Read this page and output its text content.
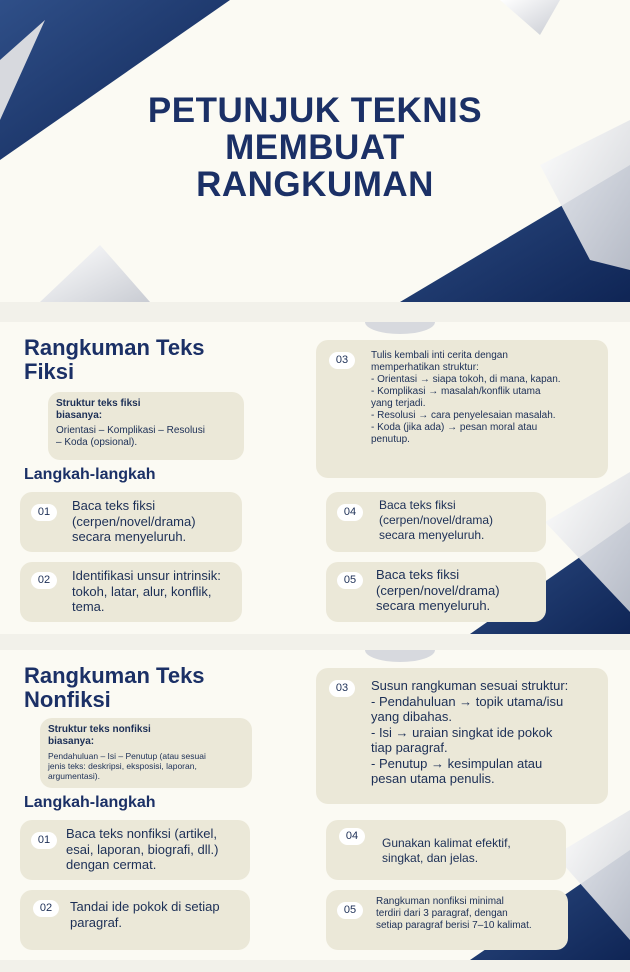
PETUNJUK TEKNIS
MEMBUAT
RANGKUMAN
Rangkuman Teks
Fiksi
Struktur teks fiksi
biasanya:
Orientasi – Komplikasi – Resolusi
– Koda (opsional).
Langkah-langkah
01	Baca teks fiksi
(cerpen/novel/drama)
secara menyeluruh.
02	Identifikasi unsur intrinsik:
tokoh, latar, alur, konflik,
tema.
03	Tulis kembali inti cerita dengan
memperhatikan struktur:
- Orientasi → siapa tokoh, di mana, kapan.
- Komplikasi → masalah/konflik utama
yang terjadi.
- Resolusi → cara penyelesaian masalah.
- Koda (jika ada) → pesan moral atau
penutup.
04	Baca teks fiksi
(cerpen/novel/drama)
secara menyeluruh.
05	Baca teks fiksi
(cerpen/novel/drama)
secara menyeluruh.
Rangkuman Teks
Nonfiksi
Struktur teks nonfiksi
biasanya:
Pendahuluan – Isi – Penutup (atau sesuai
jenis teks: deskripsi, eksposisi, laporan,
argumentasi).
Langkah-langkah
01	Baca teks nonfiksi (artikel,
esai, laporan, biografi, dll.)
dengan cermat.
02	Tandai ide pokok di setiap
paragraf.
03	Susun rangkuman sesuai struktur:
- Pendahuluan → topik utama/isu
yang dibahas.
- Isi → uraian singkat ide pokok
tiap paragraf.
- Penutup → kesimpulan atau
pesan utama penulis.
04	Gunakan kalimat efektif,
singkat, dan jelas.
05
Rangkuman nonfiksi minimal
terdiri dari 3 paragraf, dengan
setiap paragraf berisi 7–10 kalimat.
